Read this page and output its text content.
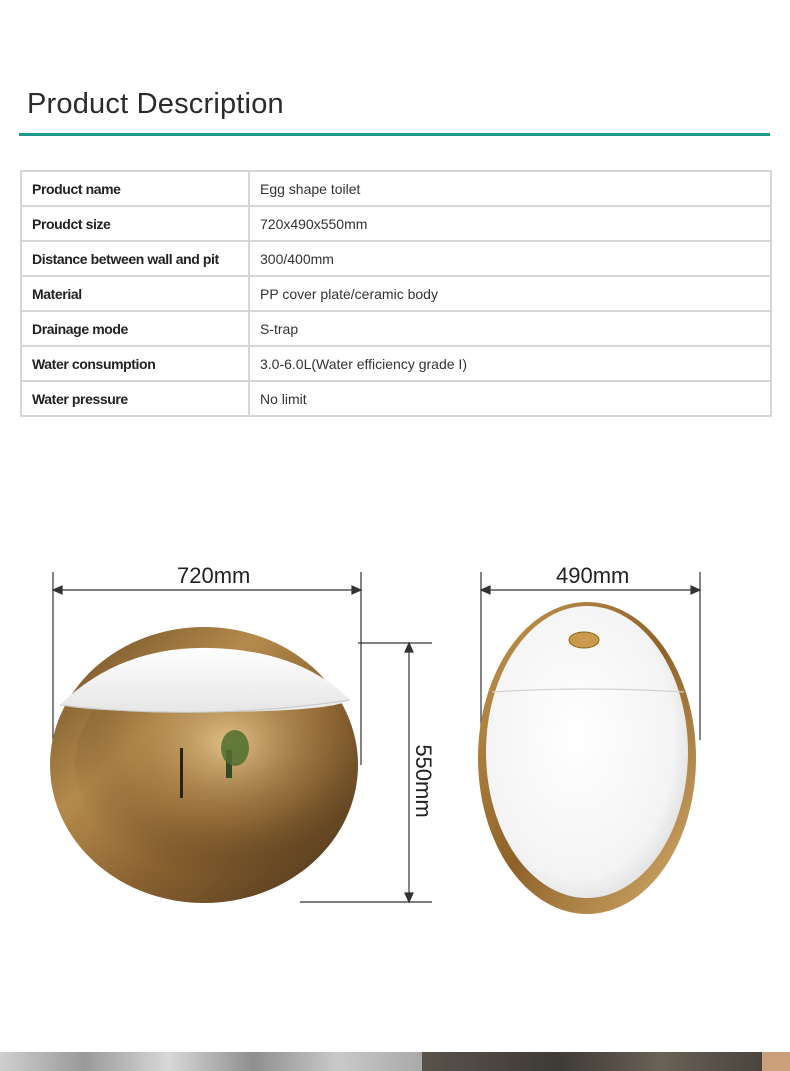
Product Description
Product name	Egg shape toilet
Proudct size	720x490x550mm
Distance between wall and pit	300/400mm
Material	PP cover plate/ceramic body
Drainage mode	S-trap
Water consumption	3.0-6.0L(Water efficiency grade I)
Water pressure	No limit
720mm	490mm
550mm
